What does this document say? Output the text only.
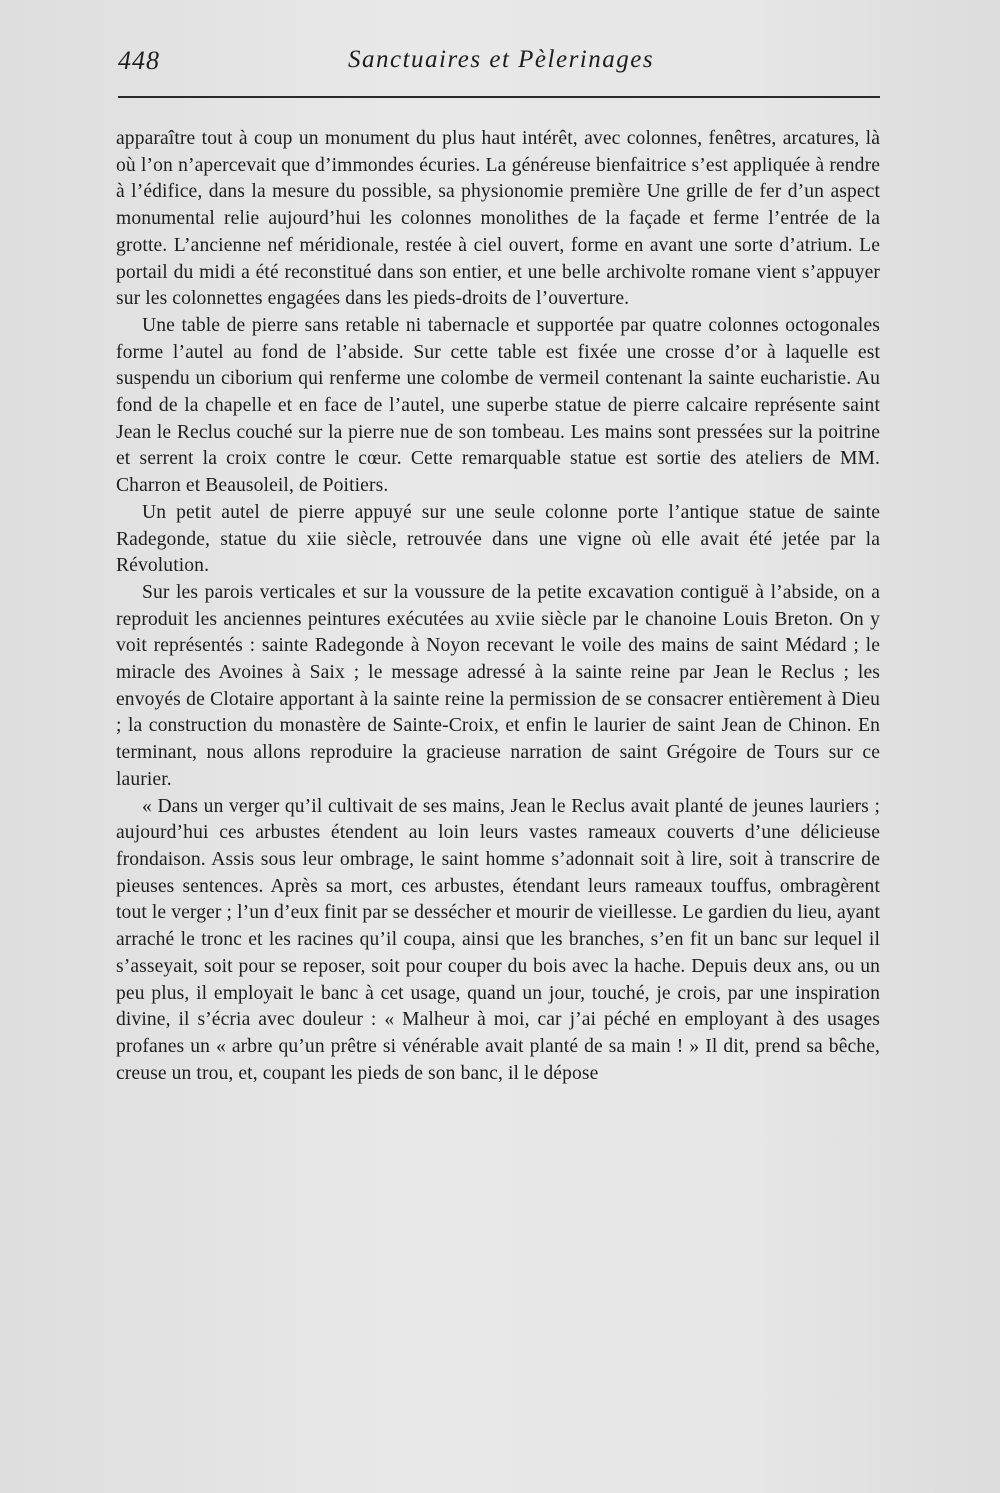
448	Sanctuaires et Pèlerinages

apparaître tout à coup un monument du plus haut intérêt, avec colonnes, fenêtres, arcatures, là où l’on n’apercevait que d’immondes écuries. La généreuse bienfaitrice s’est appliquée à rendre à l’édifice, dans la mesure du possible, sa physionomie première Une grille de fer d’un aspect monumental relie aujourd’hui les colonnes monolithes de la façade et ferme l’entrée de la grotte. L’ancienne nef méridionale, restée à ciel ouvert, forme en avant une sorte d’atrium. Le portail du midi a été reconstitué dans son entier, et une belle archivolte romane vient s’appuyer sur les colonnettes engagées dans les pieds-droits de l’ouverture.

Une table de pierre sans retable ni tabernacle et supportée par quatre colonnes octogonales forme l’autel au fond de l’abside. Sur cette table est fixée une crosse d’or à laquelle est suspendu un ciborium qui renferme une colombe de vermeil contenant la sainte eucharistie. Au fond de la chapelle et en face de l’autel, une superbe statue de pierre calcaire représente saint Jean le Reclus couché sur la pierre nue de son tombeau. Les mains sont pressées sur la poitrine et serrent la croix contre le cœur. Cette remarquable statue est sortie des ateliers de MM. Charron et Beausoleil, de Poitiers.

Un petit autel de pierre appuyé sur une seule colonne porte l’antique statue de sainte Radegonde, statue du xiie siècle, retrouvée dans une vigne où elle avait été jetée par la Révolution.

Sur les parois verticales et sur la voussure de la petite excavation contiguë à l’abside, on a reproduit les anciennes peintures exécutées au xviie siècle par le chanoine Louis Breton. On y voit représentés : sainte Radegonde à Noyon recevant le voile des mains de saint Médard ; le miracle des Avoines à Saix ; le message adressé à la sainte reine par Jean le Reclus ; les envoyés de Clotaire apportant à la sainte reine la permission de se consacrer entièrement à Dieu ; la construction du monastère de Sainte-Croix, et enfin le laurier de saint Jean de Chinon. En terminant, nous allons reproduire la gracieuse narration de saint Grégoire de Tours sur ce laurier.

« Dans un verger qu’il cultivait de ses mains, Jean le Reclus avait planté de jeunes lauriers ; aujourd’hui ces arbustes étendent au loin leurs vastes rameaux couverts d’une délicieuse frondaison. Assis sous leur ombrage, le saint homme s’adonnait soit à lire, soit à transcrire de pieuses sentences. Après sa mort, ces arbustes, étendant leurs rameaux touffus, ombragèrent tout le verger ; l’un d’eux finit par se dessécher et mourir de vieillesse. Le gardien du lieu, ayant arraché le tronc et les racines qu’il coupa, ainsi que les branches, s’en fit un banc sur lequel il s’asseyait, soit pour se reposer, soit pour couper du bois avec la hache. Depuis deux ans, ou un peu plus, il employait le banc à cet usage, quand un jour, touché, je crois, par une inspiration divine, il s’écria avec douleur : « Malheur à moi, car j’ai péché en employant à des usages profanes un « arbre qu’un prêtre si vénérable avait planté de sa main ! » Il dit, prend sa bêche, creuse un trou, et, coupant les pieds de son banc, il le dépose
